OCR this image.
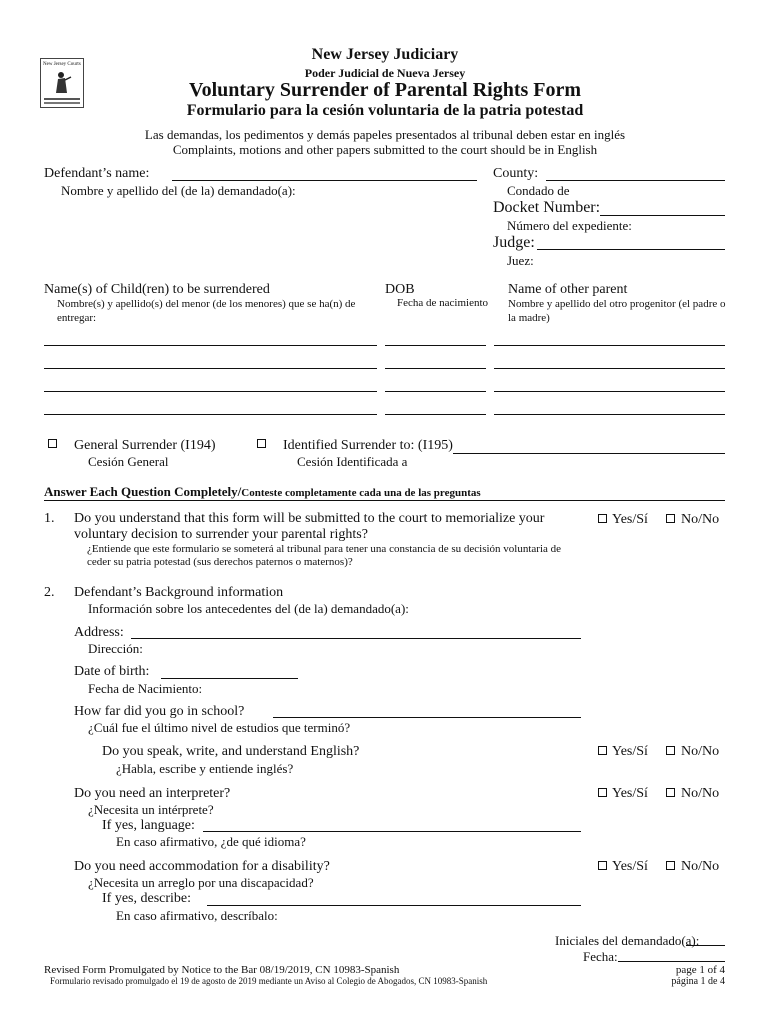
New Jersey Courts
New Jersey Judiciary
Poder Judicial de Nueva Jersey
Voluntary Surrender of Parental Rights Form
Formulario para la cesión voluntaria de la patria potestad
Las demandas, los pedimentos y demás papeles presentados al tribunal deben estar en inglés
Complaints, motions and other papers submitted to the court should be in English
Defendant’s name:
Nombre y apellido del (de la) demandado(a):
County:
Condado de
Docket Number:
Número del expediente:
Judge:
Juez:
Name(s) of Child(ren) to be surrendered
Nombre(s) y apellido(s) del menor (de los menores) que se ha(n) de entregar:
DOB
Fecha de nacimiento
Name of other parent
Nombre y apellido del otro progenitor (el padre o la madre)
General Surrender (I194)
Cesión General
Identified Surrender to: (I195)
Cesión Identificada a
Answer Each Question Completely/Conteste completamente cada una de las preguntas
1. Do you understand that this form will be submitted to the court to memorialize your
voluntary decision to surrender your parental rights?
¿Entiende que este formulario se someterá al tribunal para tener una constancia de su decisión voluntaria de
ceder su patria potestad (sus derechos paternos o maternos)?
Yes/Sí No/No
2. Defendant’s Background information
Información sobre los antecedentes del (de la) demandado(a):
Address:
Dirección:
Date of birth:
Fecha de Nacimiento:
How far did you go in school?
¿Cuál fue el último nivel de estudios que terminó?
Do you speak, write, and understand English?
¿Habla, escribe y entiende inglés?
Yes/Sí No/No
Do you need an interpreter?
¿Necesita un intérprete?
Yes/Sí No/No
If yes, language:
En caso afirmativo, ¿de qué idioma?
Do you need accommodation for a disability?
¿Necesita un arreglo por una discapacidad?
Yes/Sí No/No
If yes, describe:
En caso afirmativo, descríbalo:
Iniciales del demandado(a):
Fecha:
Revised Form Promulgated by Notice to the Bar 08/19/2019, CN 10983-Spanish
Formulario revisado promulgado el 19 de agosto de 2019 mediante un Aviso al Colegio de Abogados, CN 10983-Spanish
page 1 of 4
página 1 de 4
